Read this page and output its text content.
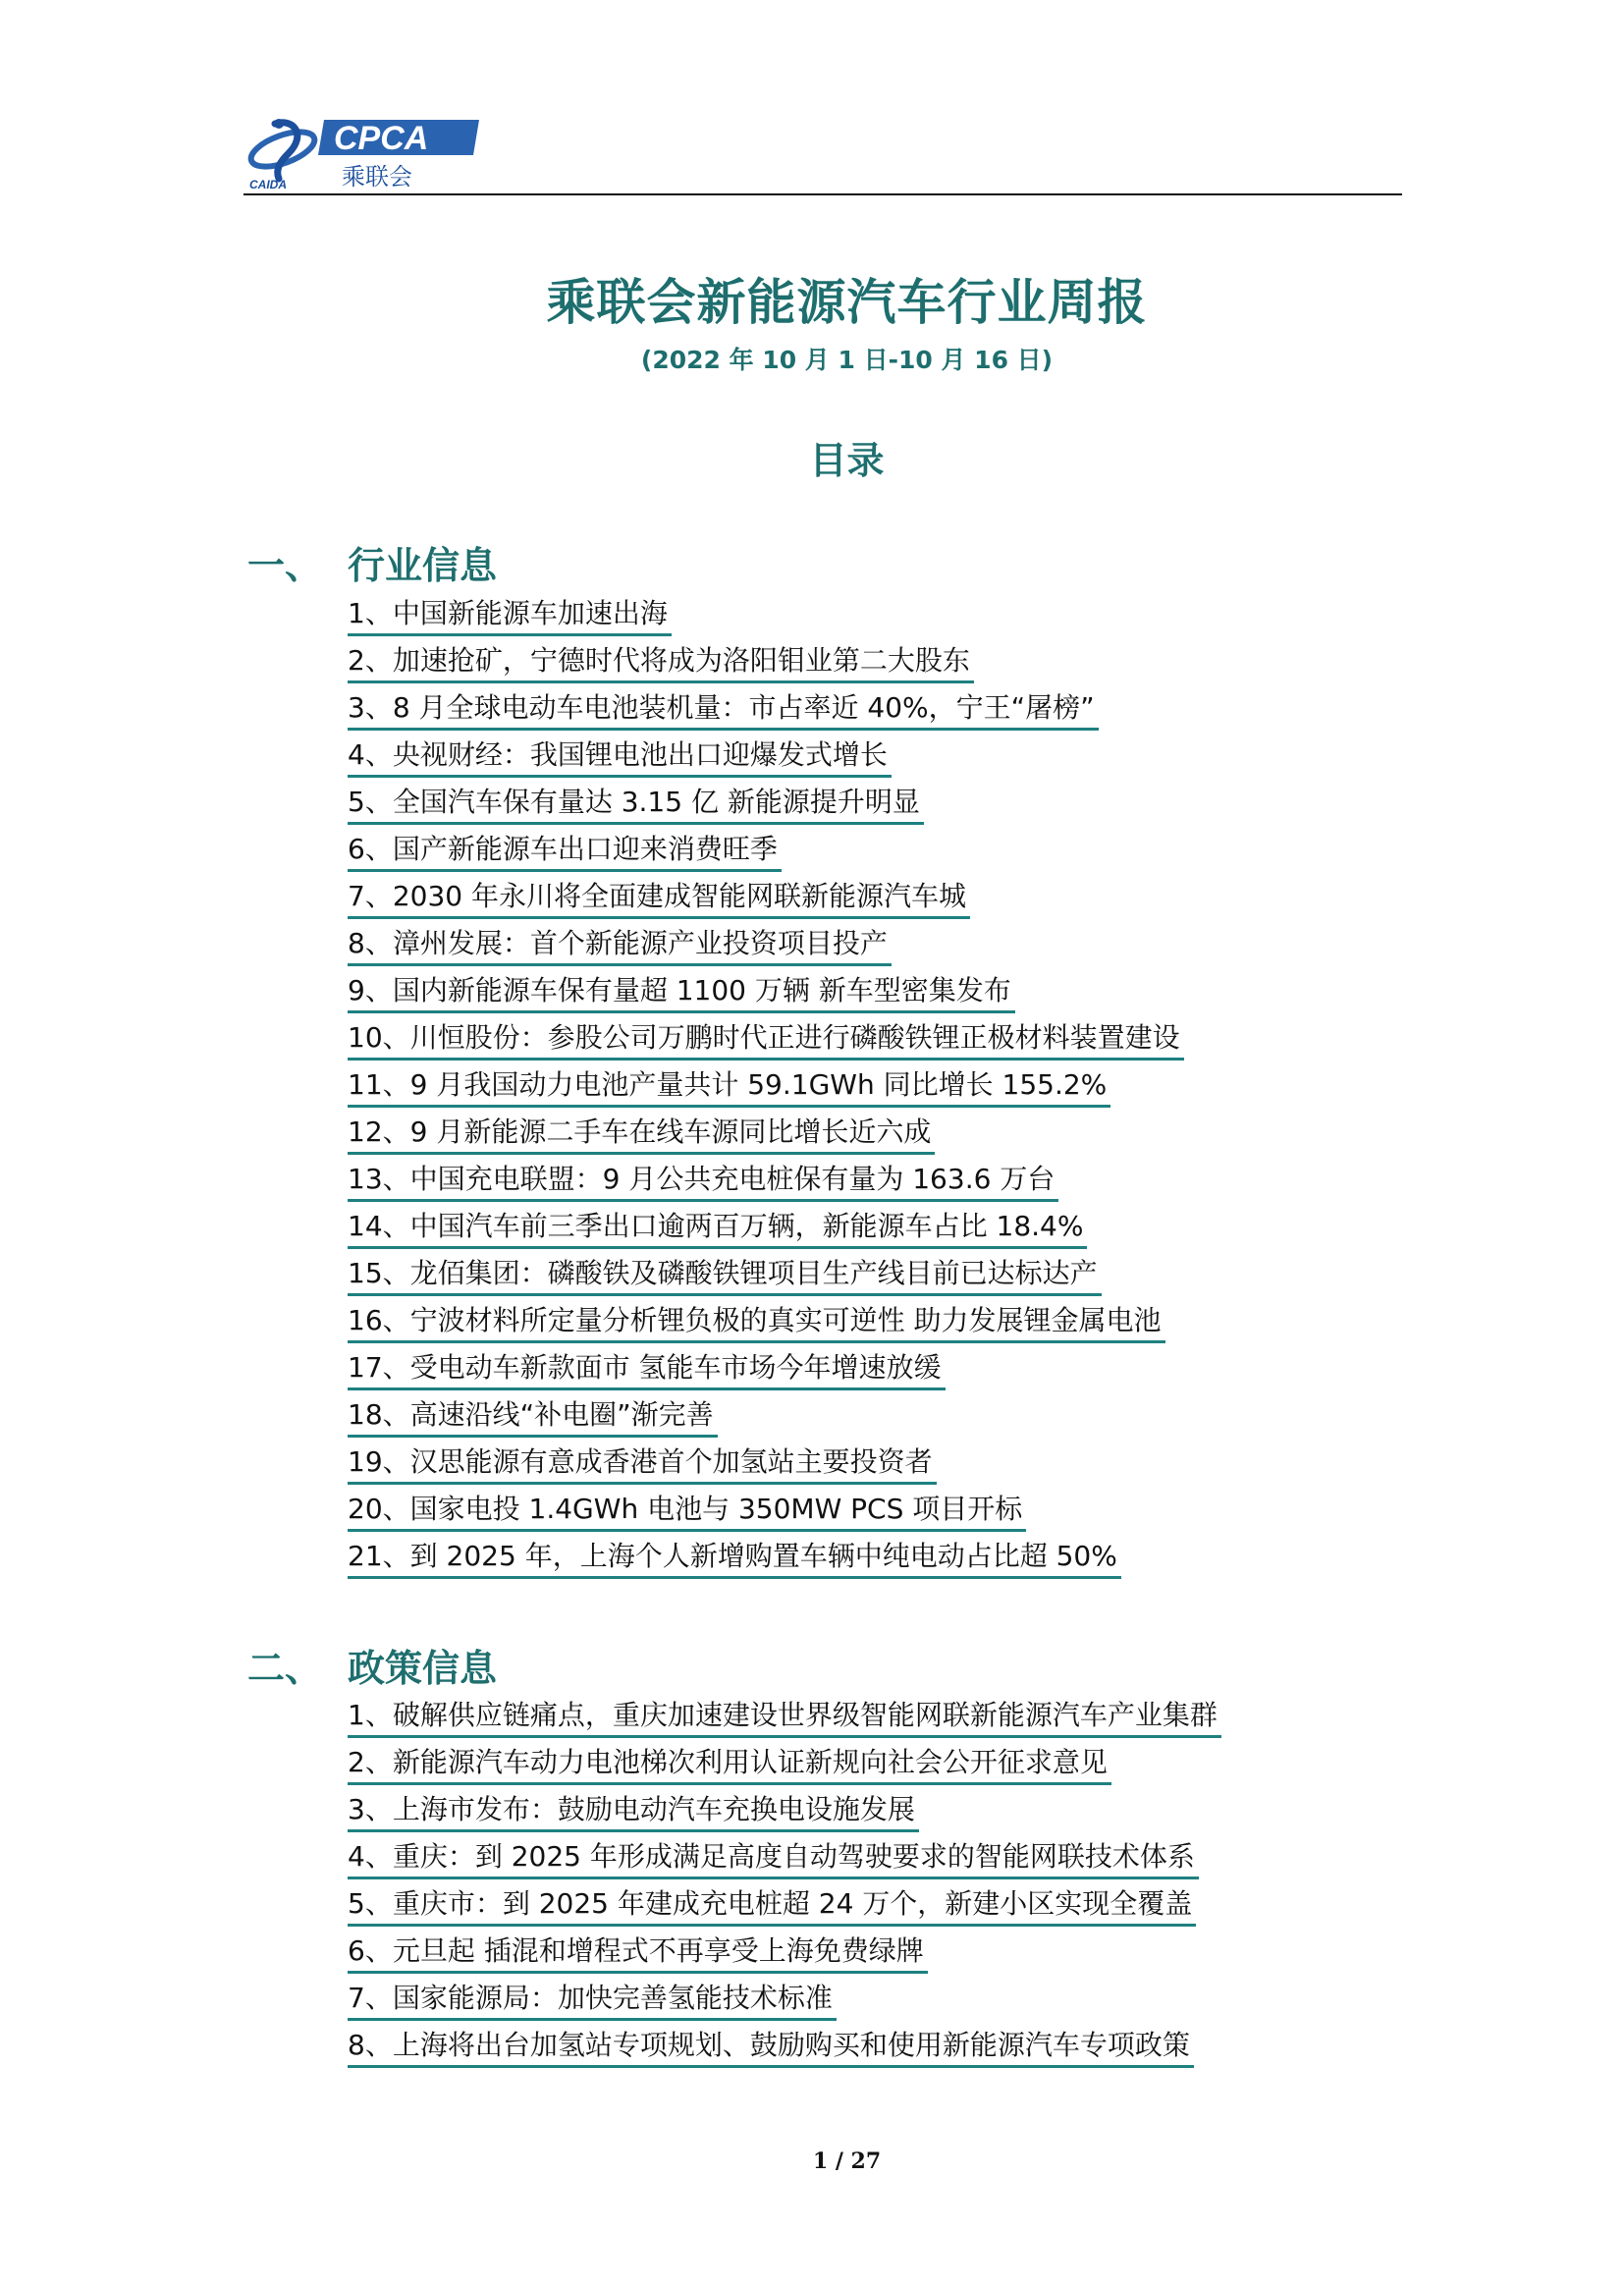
CPCA
乘联会
CAIDA
乘联会新能源汽车行业周报
(2022 年 10 月 1 日-10 月 16 日)
目录
一、 行业信息
1、中国新能源车加速出海
2、加速抢矿，宁德时代将成为洛阳钼业第二大股东
3、8 月全球电动车电池装机量：市占率近 40%，宁王“屠榜”
4、央视财经：我国锂电池出口迎爆发式增长
5、全国汽车保有量达 3.15 亿 新能源提升明显
6、国产新能源车出口迎来消费旺季
7、2030 年永川将全面建成智能网联新能源汽车城
8、漳州发展：首个新能源产业投资项目投产
9、国内新能源车保有量超 1100 万辆 新车型密集发布
10、川恒股份：参股公司万鹏时代正进行磷酸铁锂正极材料装置建设
11、9 月我国动力电池产量共计 59.1GWh 同比增长 155.2%
12、9 月新能源二手车在线车源同比增长近六成
13、中国充电联盟：9 月公共充电桩保有量为 163.6 万台
14、中国汽车前三季出口逾两百万辆，新能源车占比 18.4%
15、龙佰集团：磷酸铁及磷酸铁锂项目生产线目前已达标达产
16、宁波材料所定量分析锂负极的真实可逆性 助力发展锂金属电池
17、受电动车新款面市 氢能车市场今年增速放缓
18、高速沿线“补电圈”渐完善
19、汉思能源有意成香港首个加氢站主要投资者
20、国家电投 1.4GWh 电池与 350MW PCS 项目开标
21、到 2025 年，上海个人新增购置车辆中纯电动占比超 50%
二、 政策信息
1、破解供应链痛点，重庆加速建设世界级智能网联新能源汽车产业集群
2、新能源汽车动力电池梯次利用认证新规向社会公开征求意见
3、上海市发布：鼓励电动汽车充换电设施发展
4、重庆：到 2025 年形成满足高度自动驾驶要求的智能网联技术体系
5、重庆市：到 2025 年建成充电桩超 24 万个，新建小区实现全覆盖
6、元旦起 插混和增程式不再享受上海免费绿牌
7、国家能源局：加快完善氢能技术标准
8、上海将出台加氢站专项规划、鼓励购买和使用新能源汽车专项政策
1 / 27
